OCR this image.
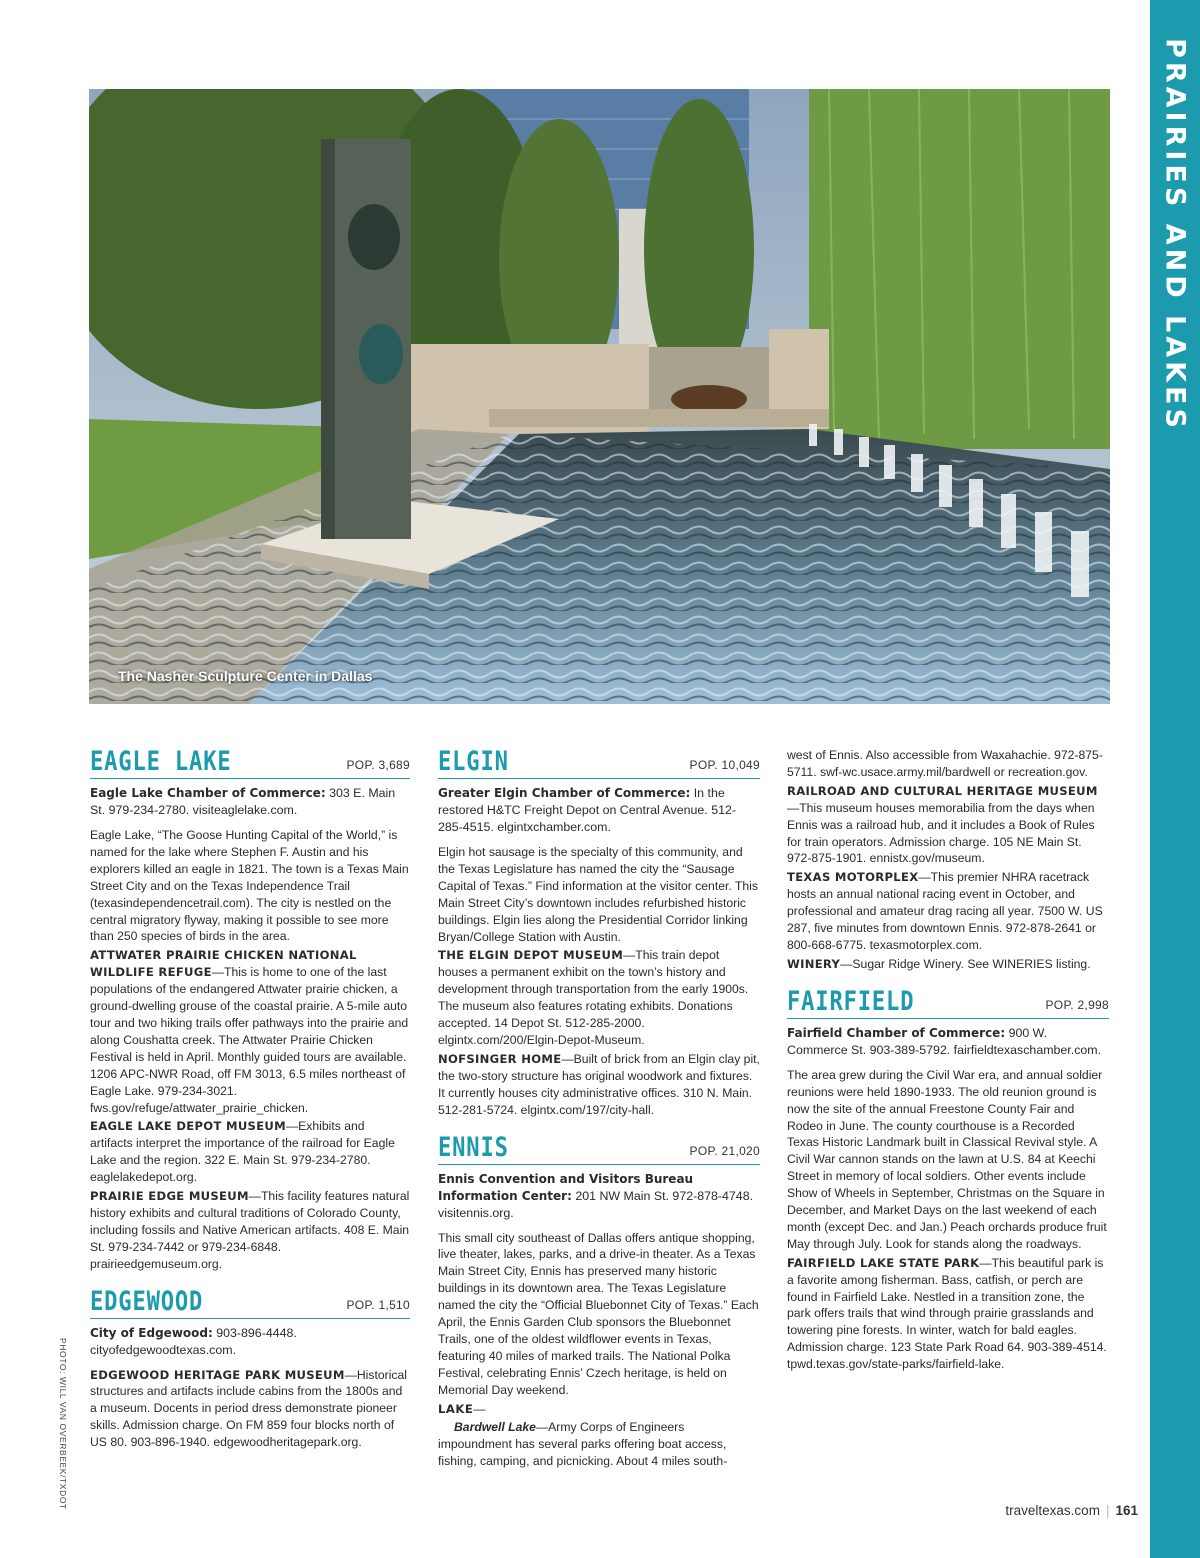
PRAIRIES AND LAKES
The Nasher Sculpture Center in Dallas
PHOTO: WILL VAN OVERBEEK/TXDOT
EAGLE LAKE	POP. 3,689
Eagle Lake Chamber of Commerce: 303 E. Main St. 979-234-2780. visiteaglelake.com.

Eagle Lake, “The Goose Hunting Capital of the World,” is named for the lake where Stephen F. Austin and his explorers killed an eagle in 1821. The town is a Texas Main Street City and on the Texas Independence Trail (texasindependencetrail.com). The city is nestled on the central migratory flyway, making it possible to see more than 250 species of birds in the area.

ATTWATER PRAIRIE CHICKEN NATIONAL WILDLIFE REFUGE—This is home to one of the last populations of the endangered Attwater prairie chicken, a ground-dwelling grouse of the coastal prairie. A 5-mile auto tour and two hiking trails offer pathways into the prairie and along Coushatta creek. The Attwater Prairie Chicken Festival is held in April. Monthly guided tours are available. 1206 APC-NWR Road, off FM 3013, 6.5 miles northeast of Eagle Lake. 979-234-3021. fws.gov/refuge/attwater_prairie_chicken.
EAGLE LAKE DEPOT MUSEUM—Exhibits and artifacts interpret the importance of the railroad for Eagle Lake and the region. 322 E. Main St. 979-234-2780. eaglelakedepot.org.
PRAIRIE EDGE MUSEUM—This facility features natural history exhibits and cultural traditions of Colorado County, including fossils and Native American artifacts. 408 E. Main St. 979-234-7442 or 979-234-6848. prairieedgemuseum.org.
EDGEWOOD	POP. 1,510
City of Edgewood: 903-896-4448. cityofedgewoodtexas.com.
EDGEWOOD HERITAGE PARK MUSEUM—Historical structures and artifacts include cabins from the 1800s and a museum. Docents in period dress demonstrate pioneer skills. Admission charge. On FM 859 four blocks north of US 80. 903-896-1940. edgewoodheritagepark.org.
ELGIN	POP. 10,049
Greater Elgin Chamber of Commerce: In the restored H&TC Freight Depot on Central Avenue. 512-285-4515. elgintxchamber.com.

Elgin hot sausage is the specialty of this community, and the Texas Legislature has named the city the “Sausage Capital of Texas.” Find information at the visitor center. This Main Street City’s downtown includes refurbished historic buildings. Elgin lies along the Presidential Corridor linking Bryan/College Station with Austin.

THE ELGIN DEPOT MUSEUM—This train depot houses a permanent exhibit on the town’s history and development through transportation from the early 1900s. The museum also features rotating exhibits. Donations accepted. 14 Depot St. 512-285-2000. elgintx.com/200/Elgin-Depot-Museum.
NOFSINGER HOME—Built of brick from an Elgin clay pit, the two-story structure has original woodwork and fixtures. It currently houses city administrative offices. 310 N. Main. 512-281-5724. elgintx.com/197/city-hall.
ENNIS	POP. 21,020
Ennis Convention and Visitors Bureau Information Center: 201 NW Main St. 972-878-4748. visitennis.org.

This small city southeast of Dallas offers antique shopping, live theater, lakes, parks, and a drive-in theater. As a Texas Main Street City, Ennis has preserved many historic buildings in its downtown area. The Texas Legislature named the city the “Official Bluebonnet City of Texas.” Each April, the Ennis Garden Club sponsors the Bluebonnet Trails, one of the oldest wildflower events in Texas, featuring 40 miles of marked trails. The National Polka Festival, celebrating Ennis’ Czech heritage, is held on Memorial Day weekend.

LAKE—
Bardwell Lake—Army Corps of Engineers impoundment has several parks offering boat access, fishing, camping, and picnicking. About 4 miles south-

west of Ennis. Also accessible from Waxahachie. 972-875-5711. swf-wc.usace.army.mil/bardwell or recreation.gov.

RAILROAD AND CULTURAL HERITAGE MUSEUM—This museum houses memorabilia from the days when Ennis was a railroad hub, and it includes a Book of Rules for train operators. Admission charge. 105 NE Main St. 972-875-1901. ennistx.gov/museum.
TEXAS MOTORPLEX—This premier NHRA racetrack hosts an annual national racing event in October, and professional and amateur drag racing all year. 7500 W. US 287, five minutes from downtown Ennis. 972-878-2641 or 800-668-6775. texasmotorplex.com.
WINERY—Sugar Ridge Winery. See WINERIES listing.
FAIRFIELD	POP. 2,998
Fairfield Chamber of Commerce: 900 W. Commerce St. 903-389-5792. fairfieldtexaschamber.com.

The area grew during the Civil War era, and annual soldier reunions were held 1890-1933. The old reunion ground is now the site of the annual Freestone County Fair and Rodeo in June. The county courthouse is a Recorded Texas Historic Landmark built in Classical Revival style. A Civil War cannon stands on the lawn at U.S. 84 at Keechi Street in memory of local soldiers. Other events include Show of Wheels in September, Christmas on the Square in December, and Market Days on the last weekend of each month (except Dec. and Jan.) Peach orchards produce fruit May through July. Look for stands along the roadways.

FAIRFIELD LAKE STATE PARK—This beautiful park is a favorite among fisherman. Bass, catfish, or perch are found in Fairfield Lake. Nestled in a transition zone, the park offers trails that wind through prairie grasslands and towering pine forests. In winter, watch for bald eagles. Admission charge. 123 State Park Road 64. 903-389-4514. tpwd.texas.gov/state-parks/fairfield-lake.
traveltexas.com | 161
